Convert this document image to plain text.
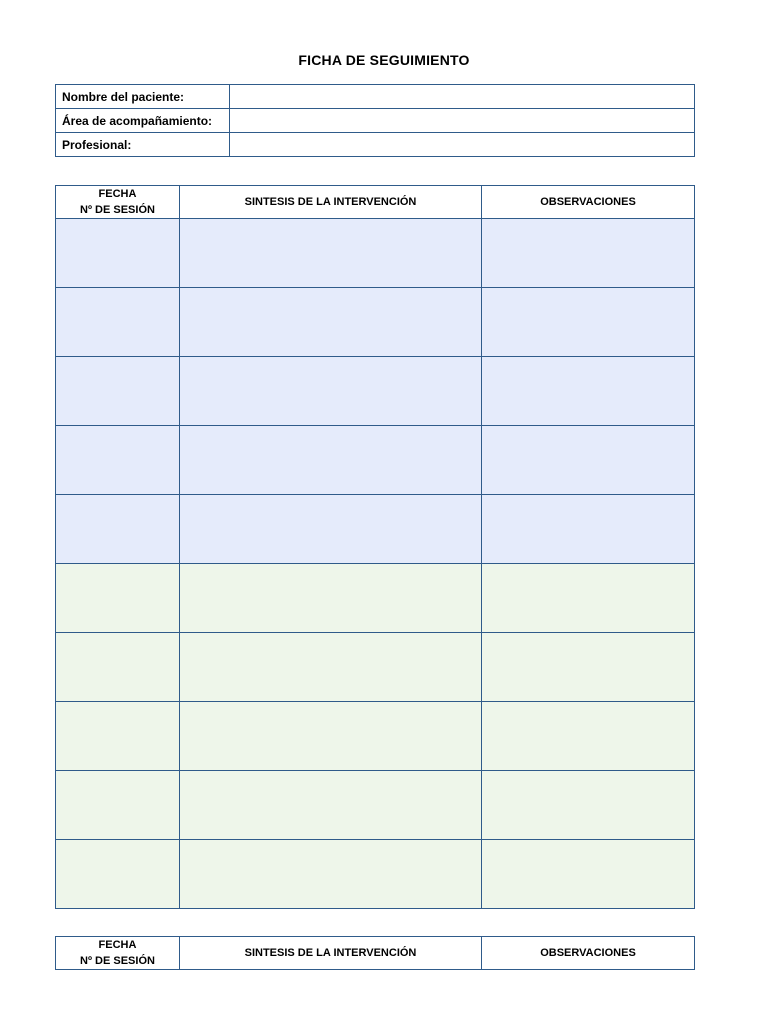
FICHA DE SEGUIMIENTO
Nombre del paciente:	
Área de acompañamiento:	
Profesional:	
FECHA
Nº DE SESIÓN	SINTESIS DE LA INTERVENCIÓN	OBSERVACIONES

FECHA
Nº DE SESIÓN	SINTESIS DE LA INTERVENCIÓN	OBSERVACIONES
